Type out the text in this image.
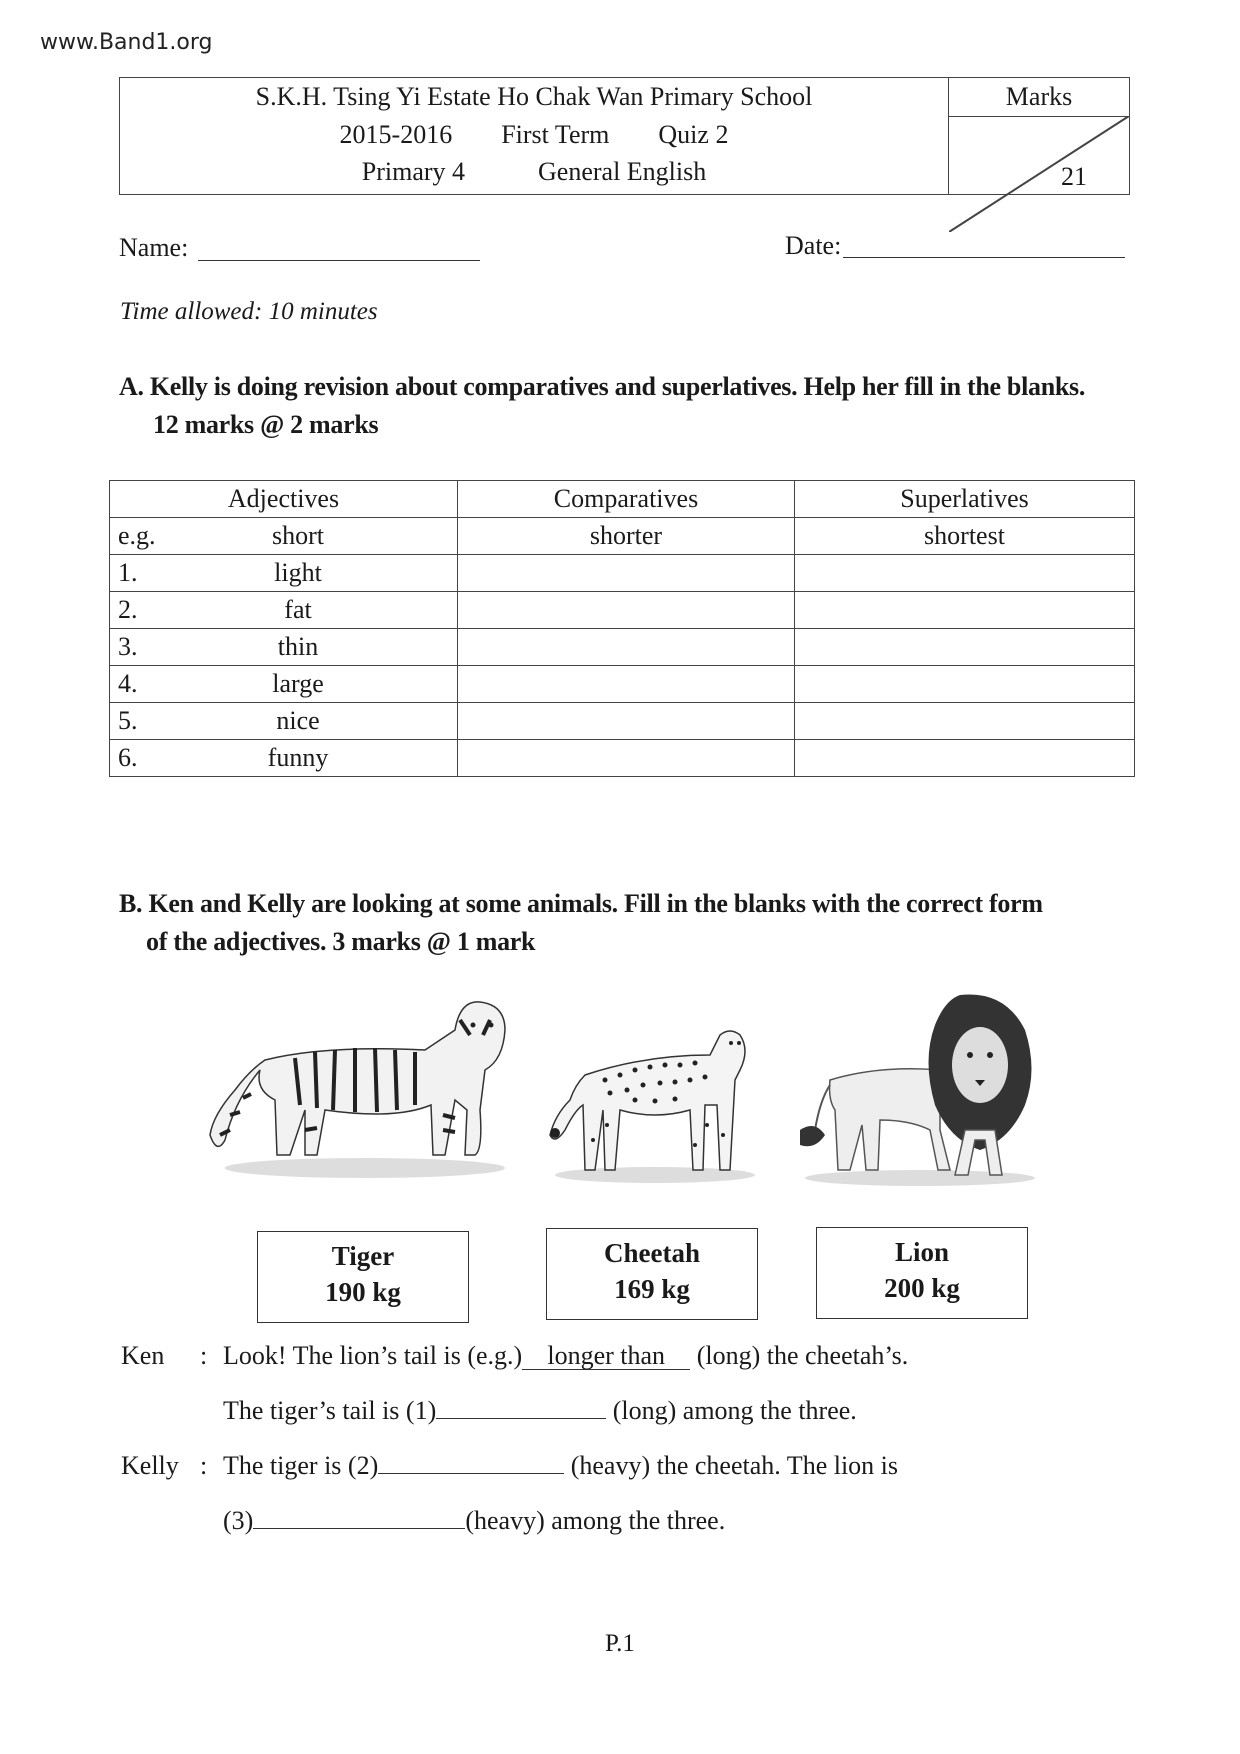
www.Band1.org
S.K.H. Tsing Yi Estate Ho Chak Wan Primary School
2015-2016 First Term Quiz 2
Primary 4	General English
Marks
21
Name:	Date:
Time allowed: 10 minutes
A. Kelly is doing revision about comparatives and superlatives. Help her fill in the blanks.
12 marks @ 2 marks
Adjectives	Comparatives	Superlatives
e.g. short	shorter	shortest
1. light		
2. fat		
3. thin		
4. large		
5. nice		
6. funny		
B. Ken and Kelly are looking at some animals. Fill in the blanks with the correct form
of the adjectives. 3 marks @ 1 mark
Tiger
190 kg
Cheetah
169 kg
Lion
200 kg
Ken : Look! The lion’s tail is (e.g.) longer than (long) the cheetah’s.
The tiger’s tail is (1)	(long) among the three.
Kelly : The tiger is (2)	(heavy) the cheetah. The lion is
(3)	(heavy) among the three.
P.1
